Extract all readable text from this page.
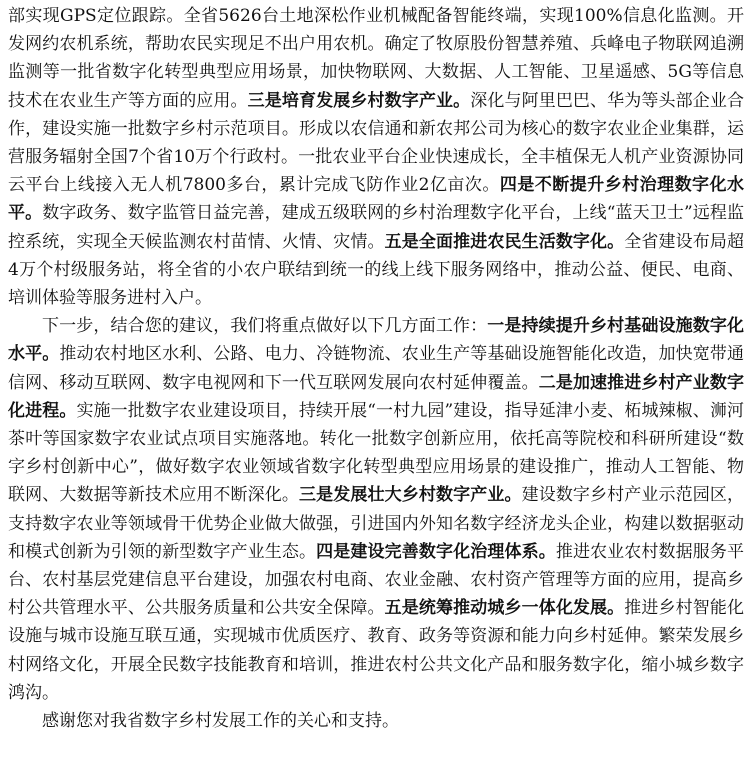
部实现GPS定位跟踪。全省5626台土地深松作业机械配备智能终端，实现100%信息化监测。开发网约农机系统，帮助农民实现足不出户用农机。确定了牧原股份智慧养殖、兵峰电子物联网追溯监测等一批省数字化转型典型应用场景，加快物联网、大数据、人工智能、卫星遥感、5G等信息技术在农业生产等方面的应用。三是培育发展乡村数字产业。深化与阿里巴巴、华为等头部企业合作，建设实施一批数字乡村示范项目。形成以农信通和新农邦公司为核心的数字农业企业集群，运营服务辐射全国7个省10万个行政村。一批农业平台企业快速成长，全丰植保无人机产业资源协同云平台上线接入无人机7800多台，累计完成飞防作业2亿亩次。四是不断提升乡村治理数字化水平。数字政务、数字监管日益完善，建成五级联网的乡村治理数字化平台，上线“蓝天卫士”远程监控系统，实现全天候监测农村苗情、火情、灾情。五是全面推进农民生活数字化。全省建设布局超4万个村级服务站，将全省的小农户联结到统一的线上线下服务网络中，推动公益、便民、电商、培训体验等服务进村入户。

下一步，结合您的建议，我们将重点做好以下几方面工作：一是持续提升乡村基础设施数字化水平。推动农村地区水利、公路、电力、冷链物流、农业生产等基础设施智能化改造，加快宽带通信网、移动互联网、数字电视网和下一代互联网发展向农村延伸覆盖。二是加速推进乡村产业数字化进程。实施一批数字农业建设项目，持续开展“一村九园”建设，指导延津小麦、柘城辣椒、浉河茶叶等国家数字农业试点项目实施落地。转化一批数字创新应用，依托高等院校和科研所建设“数字乡村创新中心”，做好数字农业领域省数字化转型典型应用场景的建设推广，推动人工智能、物联网、大数据等新技术应用不断深化。三是发展壮大乡村数字产业。建设数字乡村产业示范园区，支持数字农业等领域骨干优势企业做大做强，引进国内外知名数字经济龙头企业，构建以数据驱动和模式创新为引领的新型数字产业生态。四是建设完善数字化治理体系。推进农业农村数据服务平台、农村基层党建信息平台建设，加强农村电商、农业金融、农村资产管理等方面的应用，提高乡村公共管理水平、公共服务质量和公共安全保障。五是统筹推动城乡一体化发展。推进乡村智能化设施与城市设施互联互通，实现城市优质医疗、教育、政务等资源和能力向乡村延伸。繁荣发展乡村网络文化，开展全民数字技能教育和培训，推进农村公共文化产品和服务数字化，缩小城乡数字鸿沟。

感谢您对我省数字乡村发展工作的关心和支持。
